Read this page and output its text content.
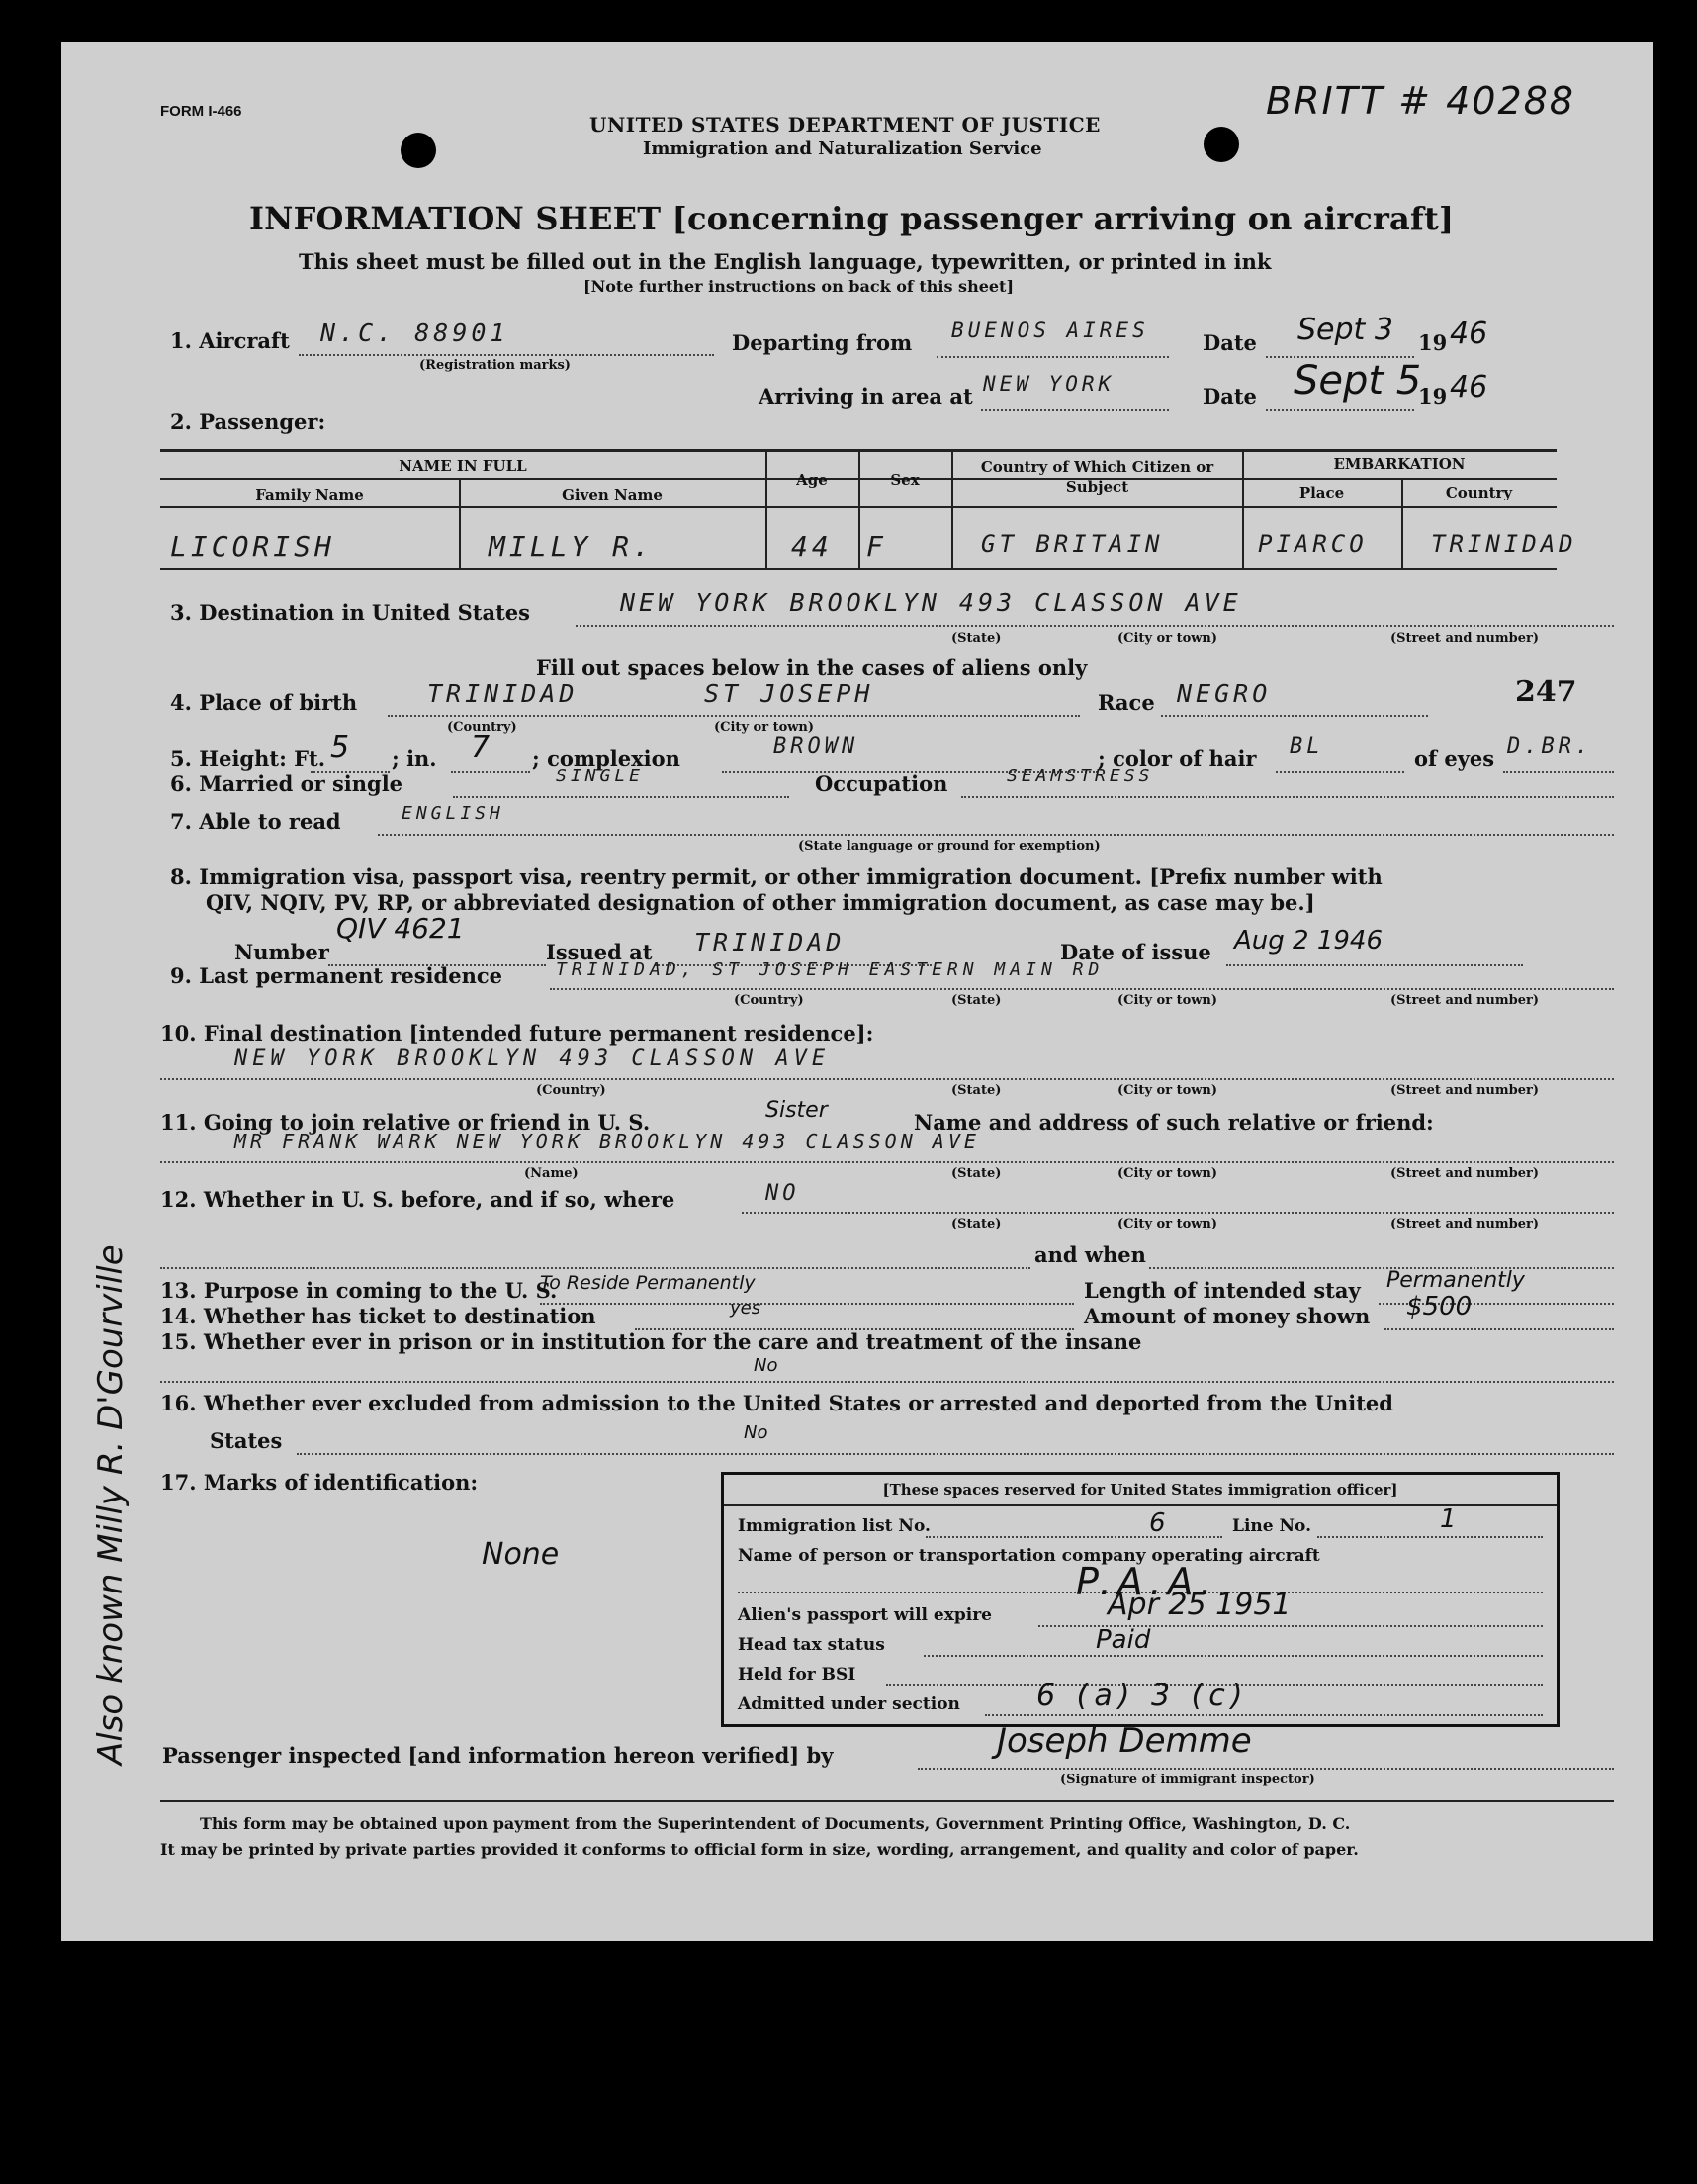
FORM I-466
UNITED STATES DEPARTMENT OF JUSTICE
Immigration and Naturalization Service
BRITT # 40288
INFORMATION SHEET [concerning passenger arriving on aircraft]
This sheet must be filled out in the English language, typewritten, or printed in ink
[Note further instructions on back of this sheet]
1. Aircraft N.C. 88901
(Registration marks)
Departing from BUENOS AIRES	Date Sept 3 19 46
Arriving in area at NEW YORK	Date Sept 5
19 46
2. Passenger:
NAME IN FULL
Family Name	Given Name
Age	Sex
Country of Which Citizen or Subject
EMBARKATION
Place	Country
LICORISH	MILLY R.	44 F	GT BRITAIN	PIARCO	TRINIDAD
3. Destination in United States	NEW YORK BROOKLYN 493 CLASSON AVE
(State)	(City or town)	(Street and number)
Fill out spaces below in the cases of aliens only
4. Place of birth	TRINIDAD	ST JOSEPH
(Country)	(City or town)
Race NEGRO	247
5. Height: Ft. 5 ; in. 7 ; complexion	BROWN	; color of hair BL	of eyes D.BR.
6. Married or single	SINGLE	Occupation	SEAMSTRESS
7. Able to read	ENGLISH
(State language or ground for exemption)
8. Immigration visa, passport visa, reentry permit, or other immigration document. [Prefix number with
QIV, NQIV, PV, RP, or abbreviated designation of other immigration document, as case may be.]
Number
QIV 4621
Issued at TRINIDAD	Date of issue Aug 2 1946
9. Last permanent residence	TRINIDAD, ST JOSEPH EASTERN MAIN RD
(Country)	(State)	(City or town)	(Street and number)
10. Final destination [intended future permanent residence]:
NEW YORK BROOKLYN 493 CLASSON AVE
(Country)	(State)	(City or town)	(Street and number)
11. Going to join relative or friend in U. S.	Sister	Name and address of such relative or friend:
MR FRANK WARK NEW YORK BROOKLYN 493 CLASSON AVE
(Name)	(State)	(City or town)	(Street and number)
12. Whether in U. S. before, and if so, where	NO
(State)	(City or town)	(Street and number)
and when
13. Purpose in coming to the U. S.
To Reside Permanently	Length of intended stay Permanently
14. Whether has ticket to destination	yes	Amount of money shown $500
15. Whether ever in prison or in institution for the care and treatment of the insane
No
16. Whether ever excluded from admission to the United States or arrested and deported from the United
States	No
17. Marks of identification:
None
[These spaces reserved for United States immigration officer]
Immigration list No.	6	Line No.	1
Name of person or transportation company operating aircraft
P.A.A.
Alien's passport will expire	Apr 25 1951
Head tax status	Paid
Held for BSI
Admitted under section	6 (a) 3 (c)
Passenger inspected [and information hereon verified] by	Joseph Demme
(Signature of immigrant inspector)
This form may be obtained upon payment from the Superintendent of Documents, Government Printing Office, Washington, D. C.
It may be printed by private parties provided it conforms to official form in size, wording, arrangement, and quality and color of paper.
Also known Milly R. D'Gourville
